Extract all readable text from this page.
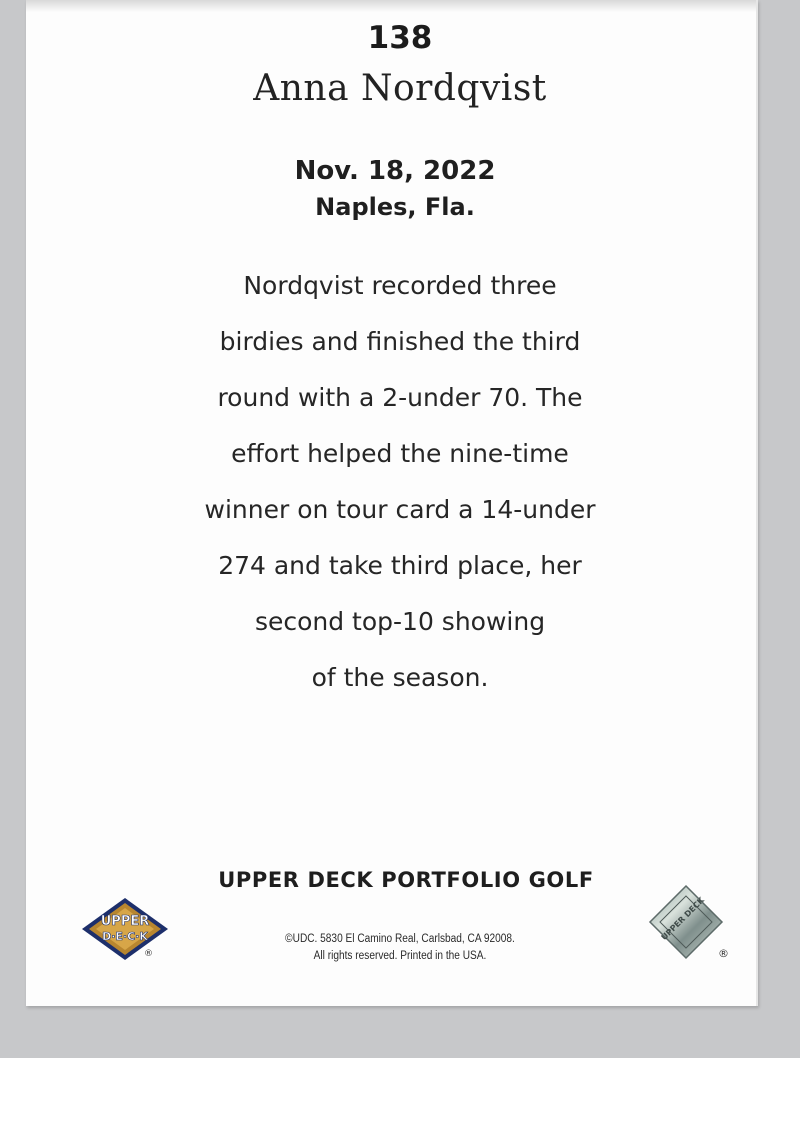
138
Anna Nordqvist
Nov. 18, 2022
Naples, Fla.
Nordqvist recorded three
birdies and finished the third
round with a 2-under 70. The
effort helped the nine-time
winner on tour card a 14-under
274 and take third place, her
second top-10 showing
of the season.
UPPER DECK PORTFOLIO GOLF
UPPER
D·E·C·K
®
©UDC. 5830 El Camino Real, Carlsbad, CA 92008.
All rights reserved. Printed in the USA.
UPPER DECK
®
